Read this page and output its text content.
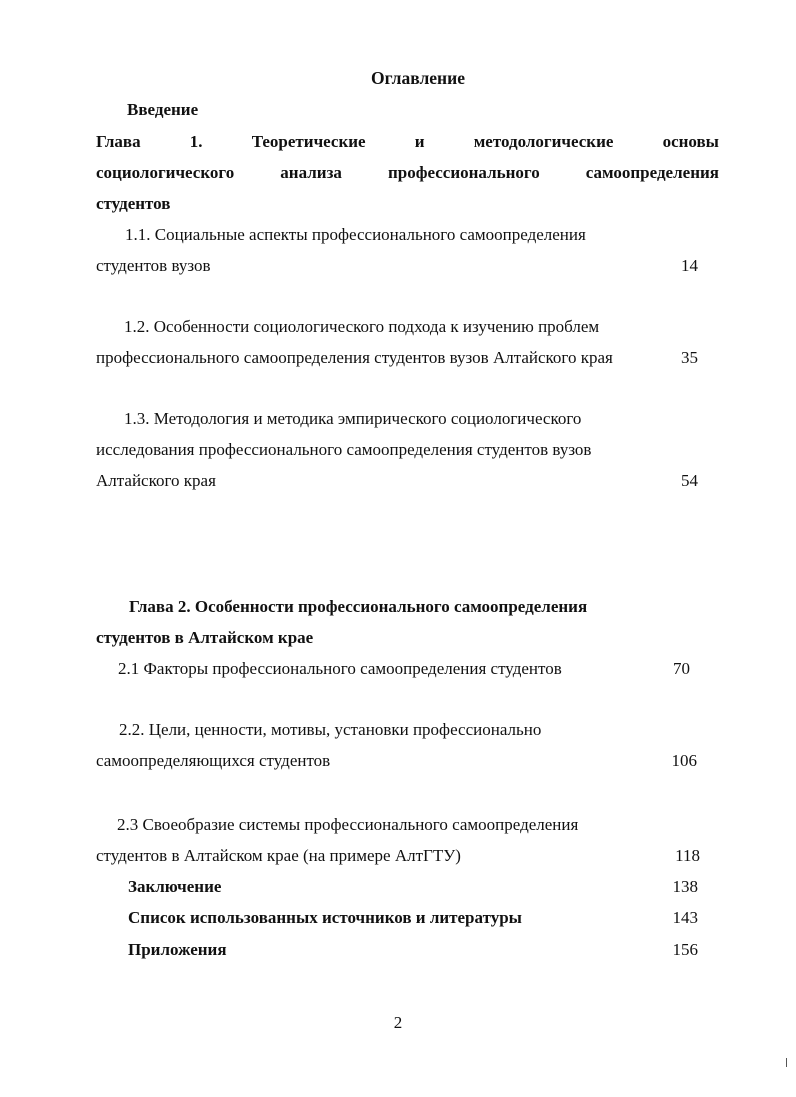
Оглавление
Введение
Глава	1.	Теоретические	и	методологические	основы
социологического	анализа	профессионального	самоопределения
студентов
1.1. Социальные аспекты профессионального самоопределения
студентов вузов	14
1.2. Особенности социологического подхода к изучению проблем
профессионального самоопределения студентов вузов Алтайского края	35
1.3. Методология и методика эмпирического социологического
исследования профессионального самоопределения студентов вузов
Алтайского края	54
Глава 2. Особенности профессионального самоопределения
студентов в Алтайском крае
2.1 Факторы профессионального самоопределения студентов	70
2.2. Цели, ценности, мотивы, установки профессионально
самоопределяющихся студентов	106
2.3 Своеобразие системы профессионального самоопределения
студентов в Алтайском крае (на примере АлтГТУ)	118
Заключение	138
Список использованных источников и литературы	143
Приложения	156
2
